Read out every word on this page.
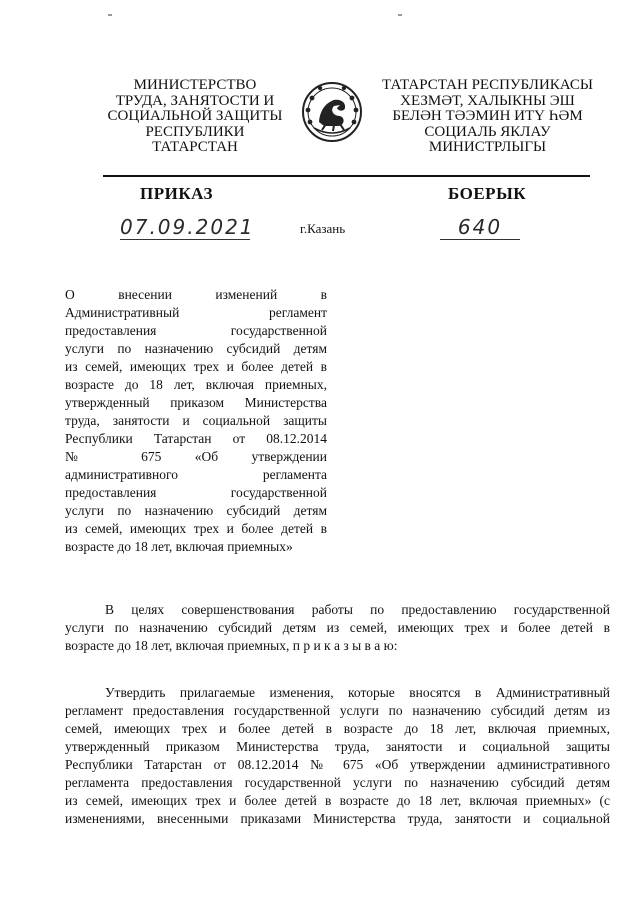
МИНИСТЕРСТВО
ТРУДА, ЗАНЯТОСТИ И
СОЦИАЛЬНОЙ ЗАЩИТЫ
РЕСПУБЛИКИ
ТАТАРСТАН
ТАТАРСТАН РЕСПУБЛИКАСЫ
ХЕЗМӘТ, ХАЛЫКНЫ ЭШ
БЕЛӘН ТӘЭМИН ИТҮ ҺӘМ
СОЦИАЛЬ ЯКЛАУ
МИНИСТРЛЫГЫ
ПРИКАЗ	БОЕРЫК
07.09.2021	г.Казань	640
О внесении изменений в
Административный регламент
предоставления государственной
услуги по назначению субсидий детям
из семей, имеющих трех и более детей в
возрасте до 18 лет, включая приемных,
утвержденный приказом Министерства
труда, занятости и социальной защиты
Республики Татарстан от 08.12.2014
№ 675 «Об утверждении
административного регламента
предоставления государственной
услуги по назначению субсидий детям
из семей, имеющих трех и более детей в
возрасте до 18 лет, включая приемных»
В целях совершенствования работы по предоставлению государственной
услуги по назначению субсидий детям из семей, имеющих трех и более детей в
возрасте до 18 лет, включая приемных, п р и к а з ы в а ю:
Утвердить прилагаемые изменения, которые вносятся в Административный
регламент предоставления государственной услуги по назначению субсидий детям из
семей, имеющих трех и более детей в возрасте до 18 лет, включая приемных,
утвержденный приказом Министерства труда, занятости и социальной защиты
Республики Татарстан от 08.12.2014 № 675 «Об утверждении административного
регламента предоставления государственной услуги по назначению субсидий детям
из семей, имеющих трех и более детей в возрасте до 18 лет, включая приемных» (с
изменениями, внесенными приказами Министерства труда, занятости и социальной
